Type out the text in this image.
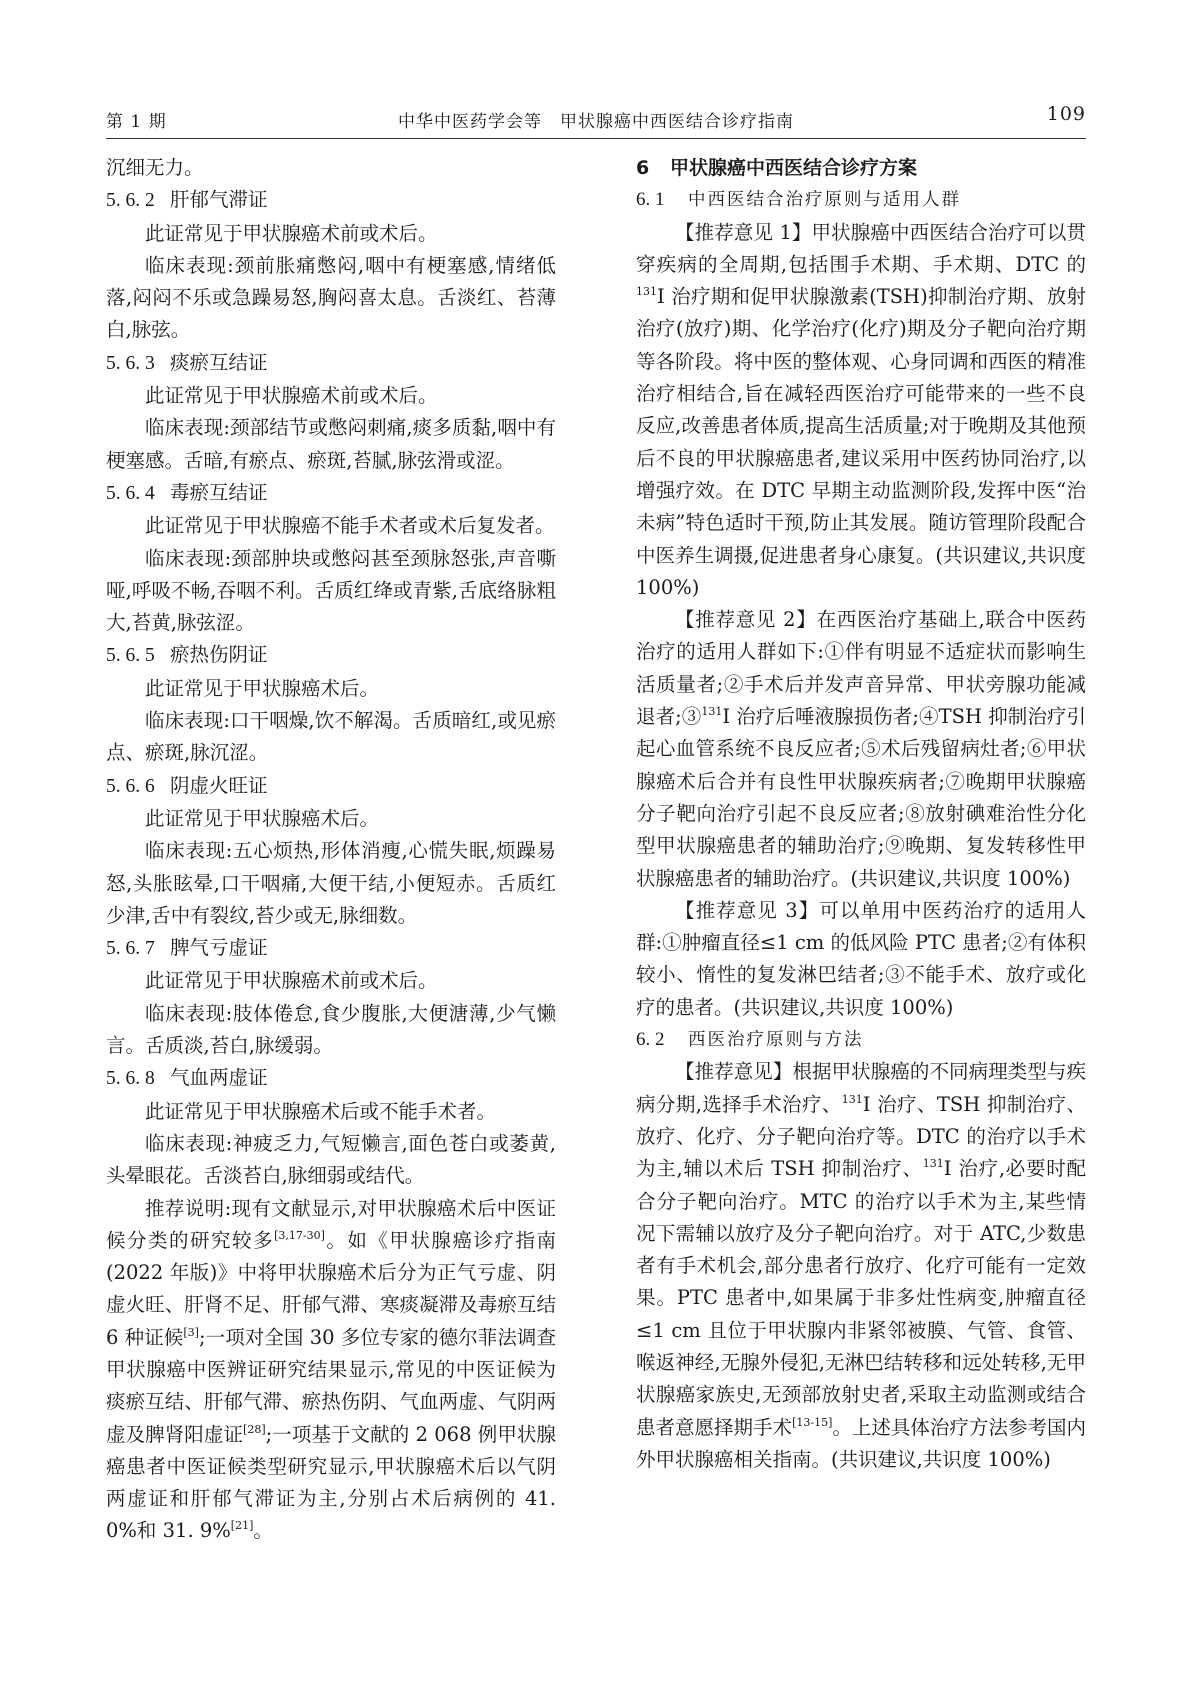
第 1 期	中华中医药学会等　甲状腺癌中西医结合诊疗指南	109

沉细无力。

5. 6. 2 肝郁气滞证

此证常见于甲状腺癌术前或术后。

临床表现:颈前胀痛憋闷,咽中有梗塞感,情绪低落,闷闷不乐或急躁易怒,胸闷喜太息。舌淡红、苔薄白,脉弦。

5. 6. 3 痰瘀互结证

此证常见于甲状腺癌术前或术后。

临床表现:颈部结节或憋闷刺痛,痰多质黏,咽中有梗塞感。舌暗,有瘀点、瘀斑,苔腻,脉弦滑或涩。

5. 6. 4 毒瘀互结证

此证常见于甲状腺癌不能手术者或术后复发者。

临床表现:颈部肿块或憋闷甚至颈脉怒张,声音嘶哑,呼吸不畅,吞咽不利。舌质红绛或青紫,舌底络脉粗大,苔黄,脉弦涩。

5. 6. 5 瘀热伤阴证

此证常见于甲状腺癌术后。

临床表现:口干咽燥,饮不解渴。舌质暗红,或见瘀点、瘀斑,脉沉涩。

5. 6. 6 阴虚火旺证

此证常见于甲状腺癌术后。

临床表现:五心烦热,形体消瘦,心慌失眠,烦躁易怒,头胀眩晕,口干咽痛,大便干结,小便短赤。舌质红少津,舌中有裂纹,苔少或无,脉细数。

5. 6. 7 脾气亏虚证

此证常见于甲状腺癌术前或术后。

临床表现:肢体倦怠,食少腹胀,大便溏薄,少气懒言。舌质淡,苔白,脉缓弱。

5. 6. 8 气血两虚证

此证常见于甲状腺癌术后或不能手术者。

临床表现:神疲乏力,气短懒言,面色苍白或萎黄,头晕眼花。舌淡苔白,脉细弱或结代。

推荐说明:现有文献显示,对甲状腺癌术后中医证候分类的研究较多[3,17-30]。如《甲状腺癌诊疗指南(2022 年版)》中将甲状腺癌术后分为正气亏虚、阴虚火旺、肝肾不足、肝郁气滞、寒痰凝滞及毒瘀互结 6 种证候[3];一项对全国 30 多位专家的德尔菲法调查甲状腺癌中医辨证研究结果显示,常见的中医证候为痰瘀互结、肝郁气滞、瘀热伤阴、气血两虚、气阴两虚及脾肾阳虚证[28];一项基于文献的 2 068 例甲状腺癌患者中医证候类型研究显示,甲状腺癌术后以气阴两虚证和肝郁气滞证为主,分别占术后病例的 41. 0%和 31. 9%[21]。

6 甲状腺癌中西医结合诊疗方案

6. 1 中西医结合治疗原则与适用人群

【推荐意见 1】甲状腺癌中西医结合治疗可以贯穿疾病的全周期,包括围手术期、手术期、DTC 的$^{131}$I 治疗期和促甲状腺激素(TSH)抑制治疗期、放射治疗(放疗)期、化学治疗(化疗)期及分子靶向治疗期等各阶段。将中医的整体观、心身同调和西医的精准治疗相结合,旨在减轻西医治疗可能带来的一些不良反应,改善患者体质,提高生活质量;对于晚期及其他预后不良的甲状腺癌患者,建议采用中医药协同治疗,以增强疗效。在 DTC 早期主动监测阶段,发挥中医“治未病”特色适时干预,防止其发展。随访管理阶段配合中医养生调摄,促进患者身心康复。(共识建议,共识度 100%)

【推荐意见 2】在西医治疗基础上,联合中医药治疗的适用人群如下:①伴有明显不适症状而影响生活质量者;②手术后并发声音异常、甲状旁腺功能减退者;③$^{131}$I 治疗后唾液腺损伤者;④TSH 抑制治疗引起心血管系统不良反应者;⑤术后残留病灶者;⑥甲状腺癌术后合并有良性甲状腺疾病者;⑦晚期甲状腺癌分子靶向治疗引起不良反应者;⑧放射碘难治性分化型甲状腺癌患者的辅助治疗;⑨晚期、复发转移性甲状腺癌患者的辅助治疗。(共识建议,共识度 100%)

【推荐意见 3】可以单用中医药治疗的适用人群:①肿瘤直径≤1 cm 的低风险 PTC 患者;②有体积较小、惰性的复发淋巴结者;③不能手术、放疗或化疗的患者。(共识建议,共识度 100%)

6. 2 西医治疗原则与方法

【推荐意见】根据甲状腺癌的不同病理类型与疾病分期,选择手术治疗、$^{131}$I 治疗、TSH 抑制治疗、放疗、化疗、分子靶向治疗等。DTC 的治疗以手术为主,辅以术后 TSH 抑制治疗、$^{131}$I 治疗,必要时配合分子靶向治疗。MTC 的治疗以手术为主,某些情况下需辅以放疗及分子靶向治疗。对于 ATC,少数患者有手术机会,部分患者行放疗、化疗可能有一定效果。PTC 患者中,如果属于非多灶性病变,肿瘤直径≤1 cm 且位于甲状腺内非紧邻被膜、气管、食管、喉返神经,无腺外侵犯,无淋巴结转移和远处转移,无甲状腺癌家族史,无颈部放射史者,采取主动监测或结合患者意愿择期手术[13-15]。上述具体治疗方法参考国内外甲状腺癌相关指南。(共识建议,共识度 100%)
